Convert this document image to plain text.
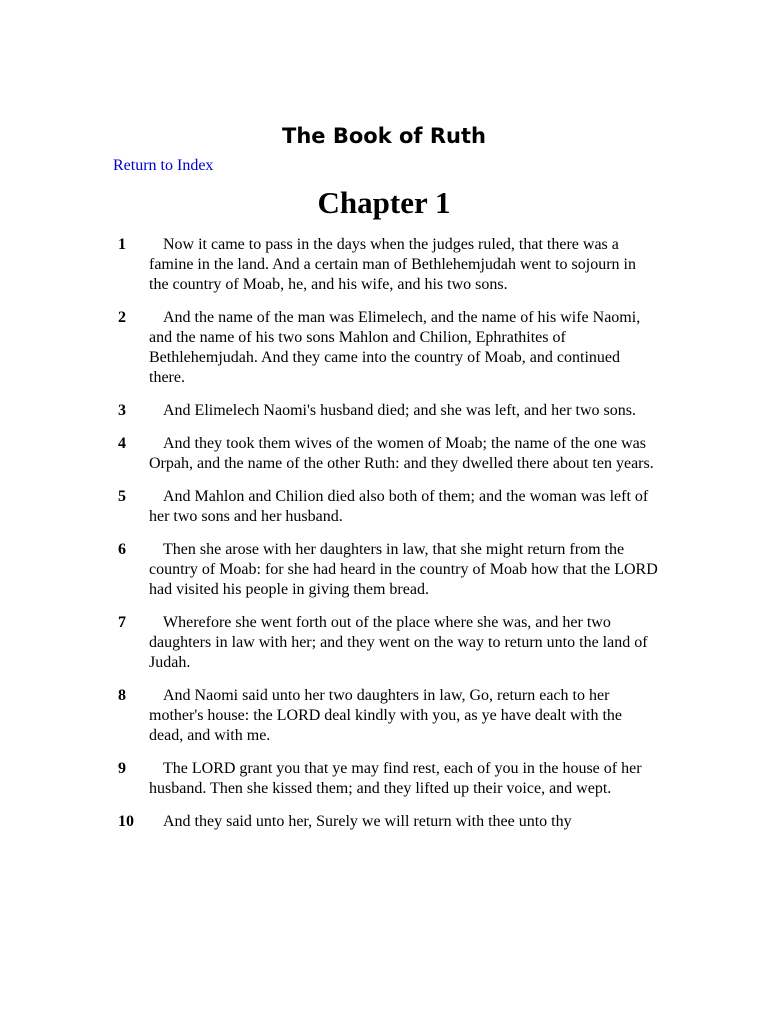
The Book of Ruth
Return to Index
Chapter 1
1	Now it came to pass in the days when the judges ruled, that there was a famine in the land. And a certain man of Bethlehemjudah went to sojourn in the country of Moab, he, and his wife, and his two sons.
2	And the name of the man was Elimelech, and the name of his wife Naomi, and the name of his two sons Mahlon and Chilion, Ephrathites of Bethlehemjudah. And they came into the country of Moab, and continued there.
3	And Elimelech Naomi's husband died; and she was left, and her two sons.
4	And they took them wives of the women of Moab; the name of the one was Orpah, and the name of the other Ruth: and they dwelled there about ten years.
5	And Mahlon and Chilion died also both of them; and the woman was left of her two sons and her husband.
6	Then she arose with her daughters in law, that she might return from the country of Moab: for she had heard in the country of Moab how that the LORD had visited his people in giving them bread.
7	Wherefore she went forth out of the place where she was, and her two daughters in law with her; and they went on the way to return unto the land of Judah.
8	And Naomi said unto her two daughters in law, Go, return each to her mother's house: the LORD deal kindly with you, as ye have dealt with the dead, and with me.
9	The LORD grant you that ye may find rest, each of you in the house of her husband. Then she kissed them; and they lifted up their voice, and wept.
10	And they said unto her, Surely we will return with thee unto thy
